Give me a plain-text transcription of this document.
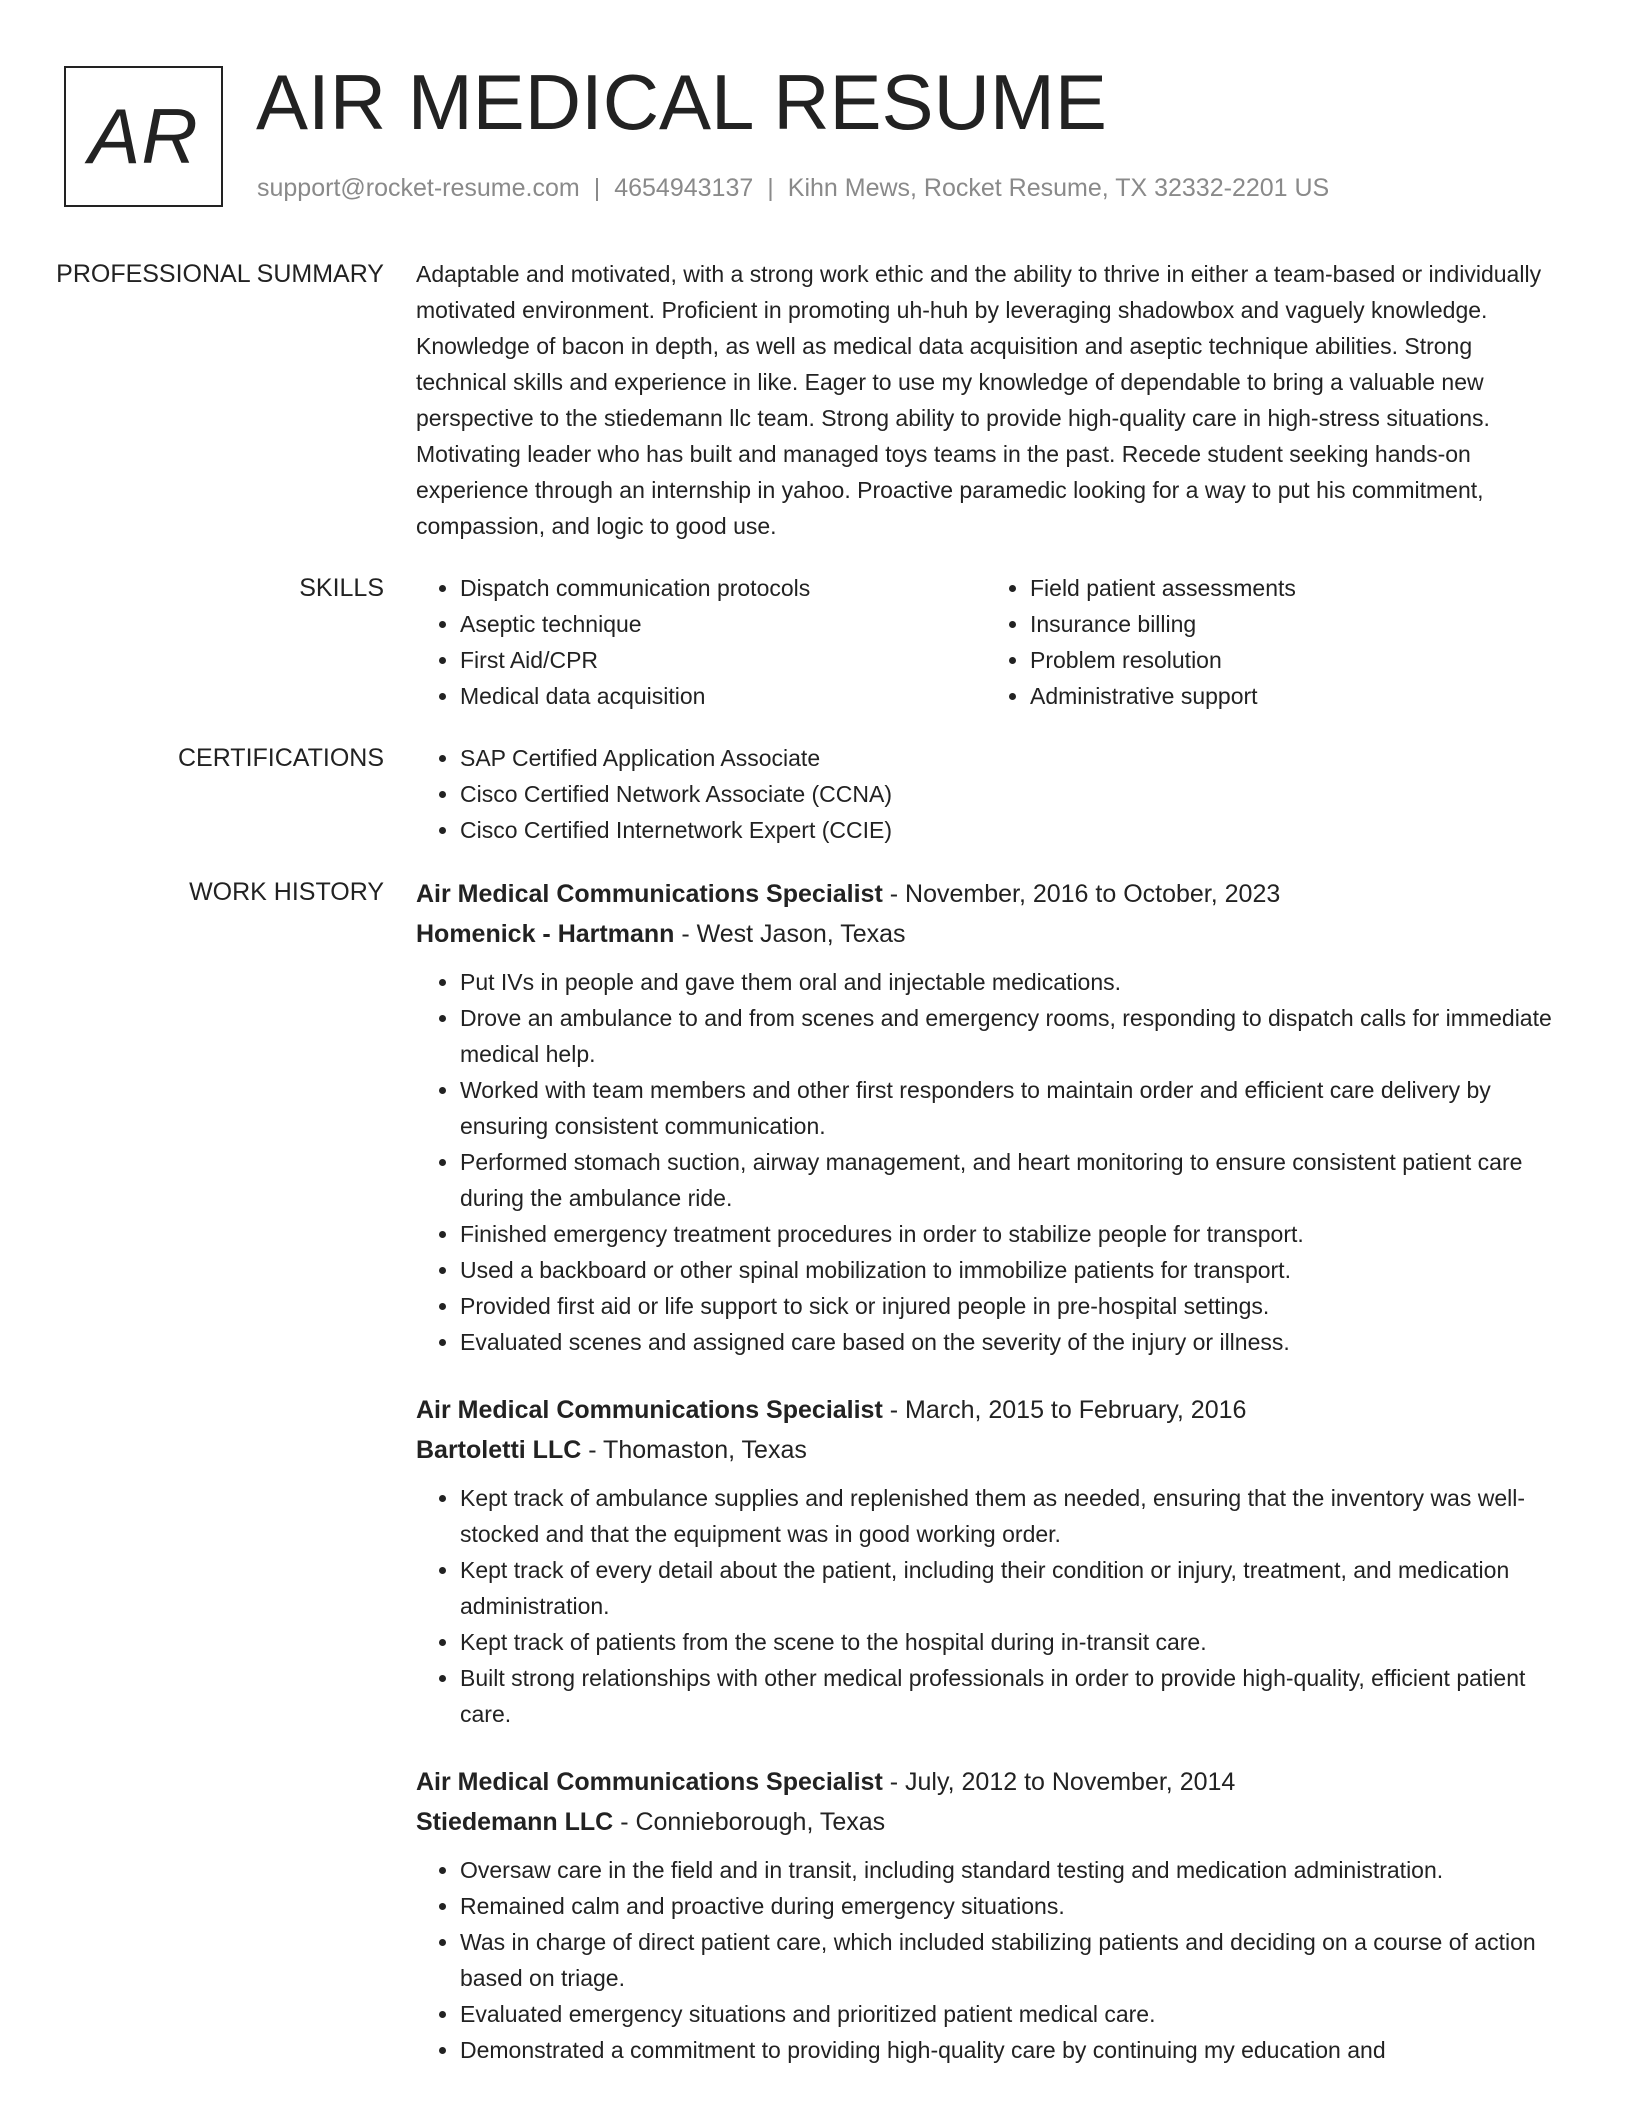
AR AIR MEDICAL RESUME
support@rocket-resume.com | 4654943137 | Kihn Mews, Rocket Resume, TX 32332-2201 US
PROFESSIONAL SUMMARY	Adaptable and motivated, with a strong work ethic and the ability to thrive in either a team-based or individually motivated environment. Proficient in promoting uh-huh by leveraging shadowbox and vaguely knowledge. Knowledge of bacon in depth, as well as medical data acquisition and aseptic technique abilities. Strong technical skills and experience in like. Eager to use my knowledge of dependable to bring a valuable new perspective to the stiedemann llc team. Strong ability to provide high-quality care in high-stress situations. Motivating leader who has built and managed toys teams in the past. Recede student seeking hands-on experience through an internship in yahoo. Proactive paramedic looking for a way to put his commitment, compassion, and logic to good use.

SKILLS	• Dispatch communication protocols
• Aseptic technique
• First Aid/CPR
• Medical data acquisition
• Field patient assessments
• Insurance billing
• Problem resolution
• Administrative support
CERTIFICATIONS	• SAP Certified Application Associate
• Cisco Certified Network Associate (CCNA)
• Cisco Certified Internetwork Expert (CCIE)
WORK HISTORY	Air Medical Communications Specialist - November, 2016 to October, 2023

Homenick - Hartmann - West Jason, Texas

• Put IVs in people and gave them oral and injectable medications.
• Drove an ambulance to and from scenes and emergency rooms, responding to dispatch calls for immediate medical help.
• Worked with team members and other first responders to maintain order and efficient care delivery by ensuring consistent communication.
• Performed stomach suction, airway management, and heart monitoring to ensure consistent patient care during the ambulance ride.
• Finished emergency treatment procedures in order to stabilize people for transport.
• Used a backboard or other spinal mobilization to immobilize patients for transport.
• Provided first aid or life support to sick or injured people in pre-hospital settings.
• Evaluated scenes and assigned care based on the severity of the injury or illness.

Air Medical Communications Specialist - March, 2015 to February, 2016

Bartoletti LLC - Thomaston, Texas

• Kept track of ambulance supplies and replenished them as needed, ensuring that the inventory was well-stocked and that the equipment was in good working order.
• Kept track of every detail about the patient, including their condition or injury, treatment, and medication administration.
• Kept track of patients from the scene to the hospital during in-transit care.
• Built strong relationships with other medical professionals in order to provide high-quality, efficient patient care.

Air Medical Communications Specialist - July, 2012 to November, 2014

Stiedemann LLC - Connieborough, Texas

• Oversaw care in the field and in transit, including standard testing and medication administration.
• Remained calm and proactive during emergency situations.
• Was in charge of direct patient care, which included stabilizing patients and deciding on a course of action based on triage.
• Evaluated emergency situations and prioritized patient medical care.
• Demonstrated a commitment to providing high-quality care by continuing my education and
